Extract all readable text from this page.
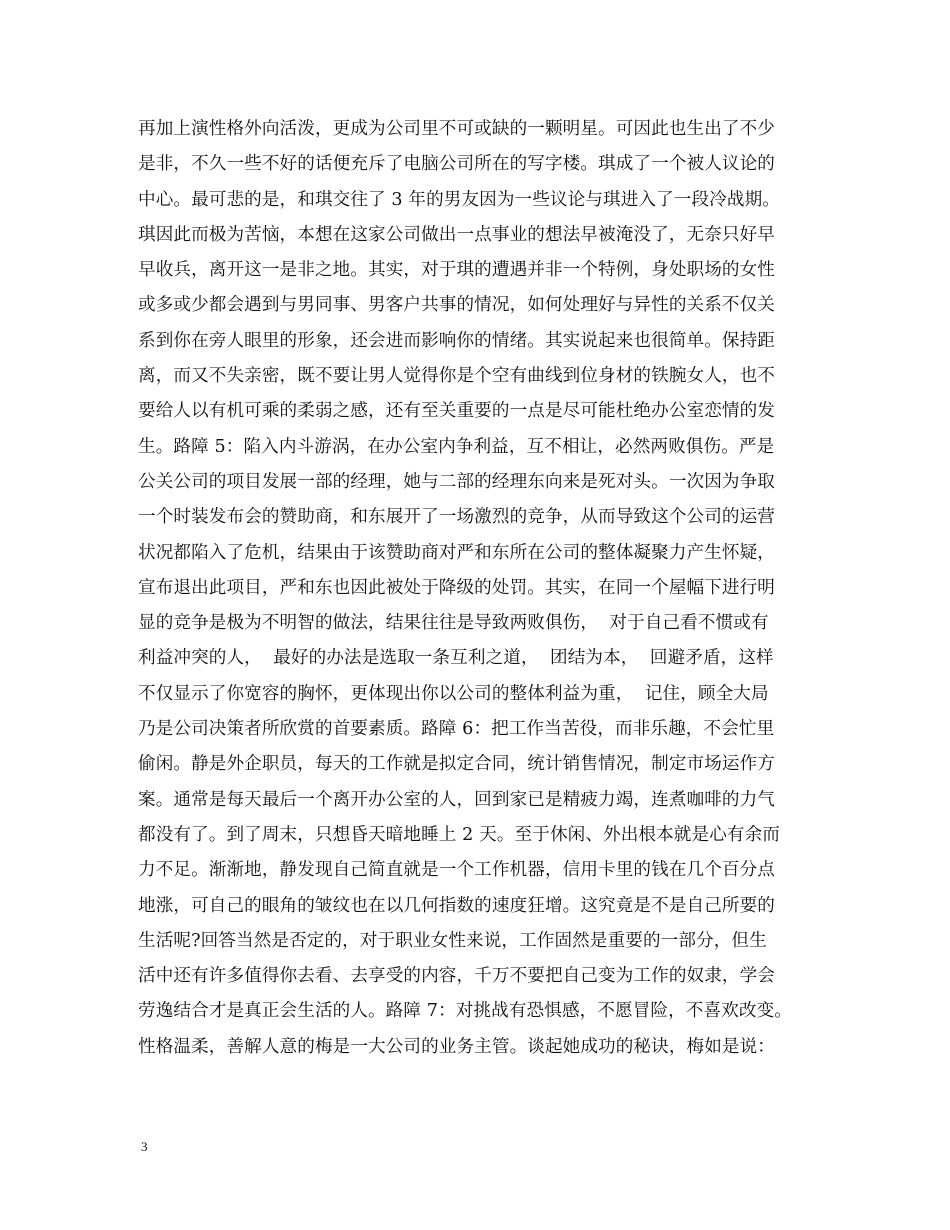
再加上演性格外向活泼，更成为公司里不可或缺的一颗明星。可因此也生出了不少
是非，不久一些不好的话便充斥了电脑公司所在的写字楼。琪成了一个被人议论的
中心。最可悲的是，和琪交往了 3 年的男友因为一些议论与琪进入了一段冷战期。
琪因此而极为苦恼，本想在这家公司做出一点事业的想法早被淹没了，无奈只好早
早收兵，离开这一是非之地。其实，对于琪的遭遇并非一个特例，身处职场的女性
或多或少都会遇到与男同事、男客户共事的情况，如何处理好与异性的关系不仅关
系到你在旁人眼里的形象，还会进而影响你的情绪。其实说起来也很简单。保持距
离，而又不失亲密，既不要让男人觉得你是个空有曲线到位身材的铁腕女人，也不
要给人以有机可乘的柔弱之感，还有至关重要的一点是尽可能杜绝办公室恋情的发
生。路障 5：陷入内斗游涡，在办公室内争利益，互不相让，必然两败俱伤。严是
公关公司的项目发展一部的经理，她与二部的经理东向来是死对头。一次因为争取
一个时装发布会的赞助商，和东展开了一场激烈的竞争，从而导致这个公司的运营
状况都陷入了危机，结果由于该赞助商对严和东所在公司的整体凝聚力产生怀疑，
宣布退出此项目，严和东也因此被处于降级的处罚。其实，在同一个屋幅下进行明
显的竞争是极为不明智的做法，结果往往是导致两败俱伤，  对于自己看不惯或有
利益冲突的人，  最好的办法是选取一条互利之道，  团结为本，  回避矛盾，这样
不仅显示了你宽容的胸怀，更体现出你以公司的整体利益为重，  记住，顾全大局
乃是公司决策者所欣赏的首要素质。路障 6：把工作当苦役，而非乐趣，不会忙里
偷闲。静是外企职员，每天的工作就是拟定合同，统计销售情况，制定市场运作方
案。通常是每天最后一个离开办公室的人，回到家已是精疲力竭，连煮咖啡的力气
都没有了。到了周末，只想昏天暗地睡上 2 天。至于休闲、外出根本就是心有余而
力不足。渐渐地，静发现自己简直就是一个工作机器，信用卡里的钱在几个百分点
地涨，可自己的眼角的皱纹也在以几何指数的速度狂增。这究竟是不是自己所要的
生活呢?回答当然是否定的，对于职业女性来说，工作固然是重要的一部分，但生
活中还有许多值得你去看、去享受的内容，千万不要把自己变为工作的奴隶，学会
劳逸结合才是真正会生活的人。路障 7：对挑战有恐惧感，不愿冒险，不喜欢改变。
性格温柔，善解人意的梅是一大公司的业务主管。谈起她成功的秘诀，梅如是说：
3
